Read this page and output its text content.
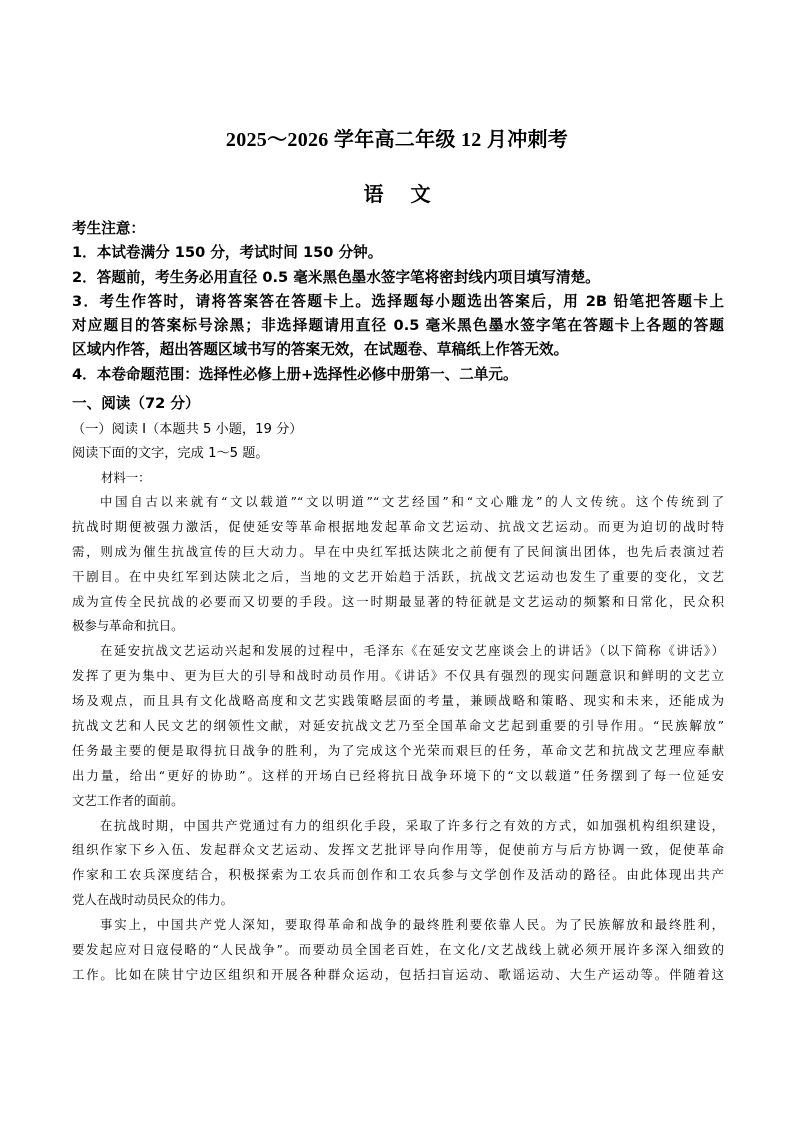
2025～2026 学年高二年级 12 月冲刺考
语 文
考生注意：
1．本试卷满分 150 分，考试时间 150 分钟。
2．答题前，考生务必用直径 0.5 毫米黑色墨水签字笔将密封线内项目填写清楚。
3．考生作答时，请将答案答在答题卡上。选择题每小题选出答案后，用 2B 铅笔把答题卡上
对应题目的答案标号涂黑；非选择题请用直径 0.5 毫米黑色墨水签字笔在答题卡上各题的答题
区域内作答，超出答题区域书写的答案无效，在试题卷、草稿纸上作答无效。
4．本卷命题范围：选择性必修上册+选择性必修中册第一、二单元。
一、阅读（72 分）
（一）阅读 I（本题共 5 小题，19 分）
阅读下面的文字，完成 1～5 题。
材料一：
中国自古以来就有“文以载道”“文以明道”“文艺经国”和“文心雕龙”的人文传统。这个传统到了
抗战时期便被强力激活，促使延安等革命根据地发起革命文艺运动、抗战文艺运动。而更为迫切的战时特
需，则成为催生抗战宣传的巨大动力。早在中央红军抵达陕北之前便有了民间演出团体，也先后表演过若
干剧目。在中央红军到达陕北之后，当地的文艺开始趋于活跃，抗战文艺运动也发生了重要的变化，文艺
成为宣传全民抗战的必要而又切要的手段。这一时期最显著的特征就是文艺运动的频繁和日常化，民众积
极参与革命和抗日。
在延安抗战文艺运动兴起和发展的过程中，毛泽东《在延安文艺座谈会上的讲话》（以下简称《讲话》）
发挥了更为集中、更为巨大的引导和战时动员作用。《讲话》不仅具有强烈的现实问题意识和鲜明的文艺立
场及观点，而且具有文化战略高度和文艺实践策略层面的考量，兼顾战略和策略、现实和未来，还能成为
抗战文艺和人民文艺的纲领性文献，对延安抗战文艺乃至全国革命文艺起到重要的引导作用。“民族解放”
任务最主要的便是取得抗日战争的胜利，为了完成这个光荣而艰巨的任务，革命文艺和抗战文艺理应奉献
出力量，给出“更好的协助”。这样的开场白已经将抗日战争环境下的“文以载道”任务摆到了每一位延安
文艺工作者的面前。
在抗战时期，中国共产党通过有力的组织化手段，采取了许多行之有效的方式，如加强机构组织建设，
组织作家下乡入伍、发起群众文艺运动、发挥文艺批评导向作用等，促使前方与后方协调一致，促使革命
作家和工农兵深度结合，积极探索为工农兵而创作和工农兵参与文学创作及活动的路径。由此体现出共产
党人在战时动员民众的伟力。
事实上，中国共产党人深知，要取得革命和战争的最终胜利要依靠人民。为了民族解放和最终胜利，
要发起应对日寇侵略的“人民战争”。而要动员全国老百姓，在文化/文艺战线上就必须开展许多深入细致的
工作。比如在陕甘宁边区组织和开展各种群众运动，包括扫盲运动、歌谣运动、大生产运动等。伴随着这
